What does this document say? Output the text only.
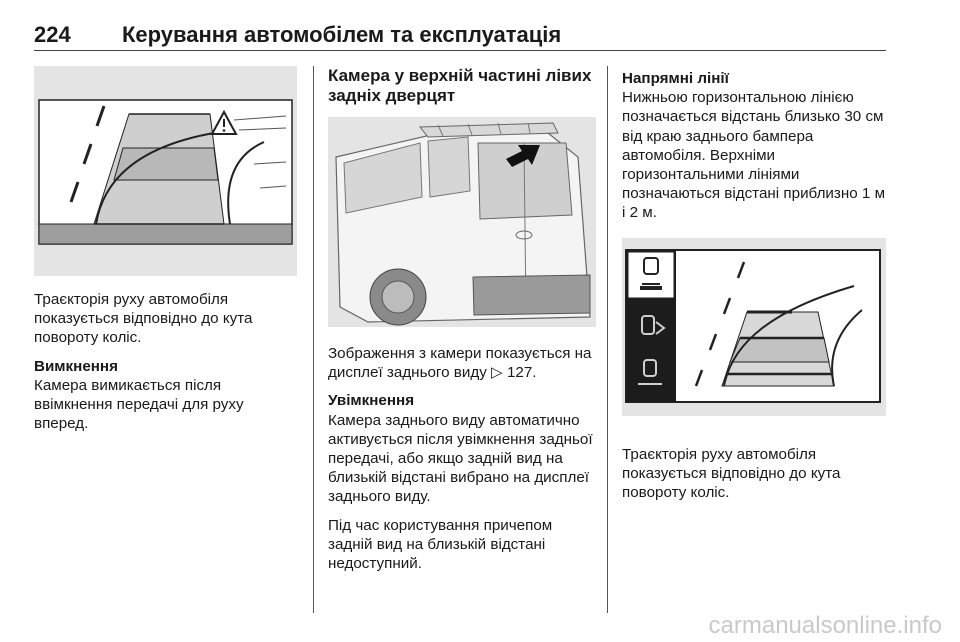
224 Керування автомобілем та експлуатація

Траєкторія руху автомобіля показується відповідно до кута повороту коліс.

Вимкнення
Камера вимикається після ввімкнення передачі для руху вперед.

Камера у верхній частині лівих задніх дверцят

Зображення з камери показується на дисплеї заднього виду ▷ 127.

Увімкнення
Камера заднього виду автоматично активується після увімкнення задньої передачі, або якщо задній вид на близькій відстані вибрано на дисплеї заднього виду.

Під час користування причепом задній вид на близькій відстані недоступний.

Напрямні лінії
Нижньою горизонтальною лінією позначається відстань близько 30 см від краю заднього бампера автомобіля. Верхніми горизонтальними лініями позначаються відстані приблизно 1 м і 2 м.

Траєкторія руху автомобіля показується відповідно до кута повороту коліс.

carmanualsonline.info
